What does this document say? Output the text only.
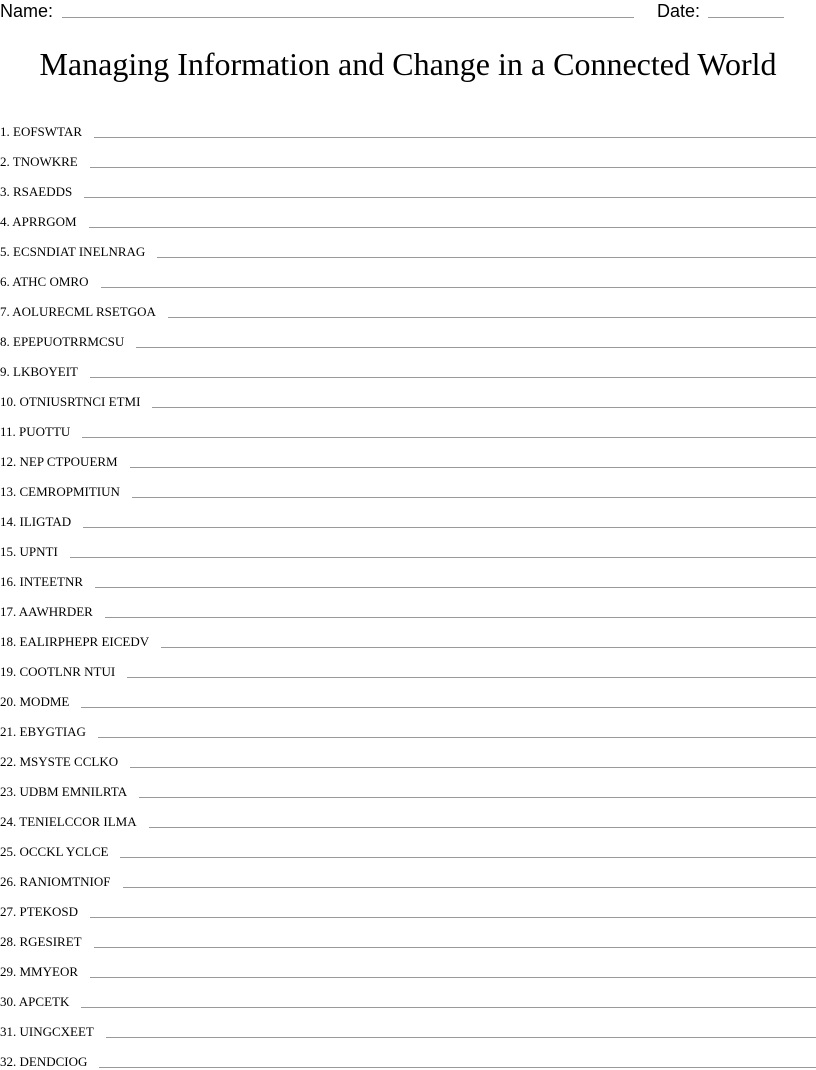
Name:	Date:
Managing Information and Change in a Connected World
1. EOFSWTAR
2. TNOWKRE
3. RSAEDDS
4. APRRGOM
5. ECSNDIAT INELNRAG
6. ATHC OMRO
7. AOLURECML RSETGOA
8. EPEPUOTRRMCSU
9. LKBOYEIT
10. OTNIUSRTNCI ETMI
11. PUOTTU
12. NEP CTPOUERM
13. CEMROPMITIUN
14. ILIGTAD
15. UPNTI
16. INTEETNR
17. AAWHRDER
18. EALIRPHEPR EICEDV
19. COOTLNR NTUI
20. MODME
21. EBYGTIAG
22. MSYSTE CCLKO
23. UDBM EMNILRTA
24. TENIELCCOR ILMA
25. OCCKL YCLCE
26. RANIOMTNIOF
27. PTEKOSD
28. RGESIRET
29. MMYEOR
30. APCETK
31. UINGCXEET
32. DENDCIOG
